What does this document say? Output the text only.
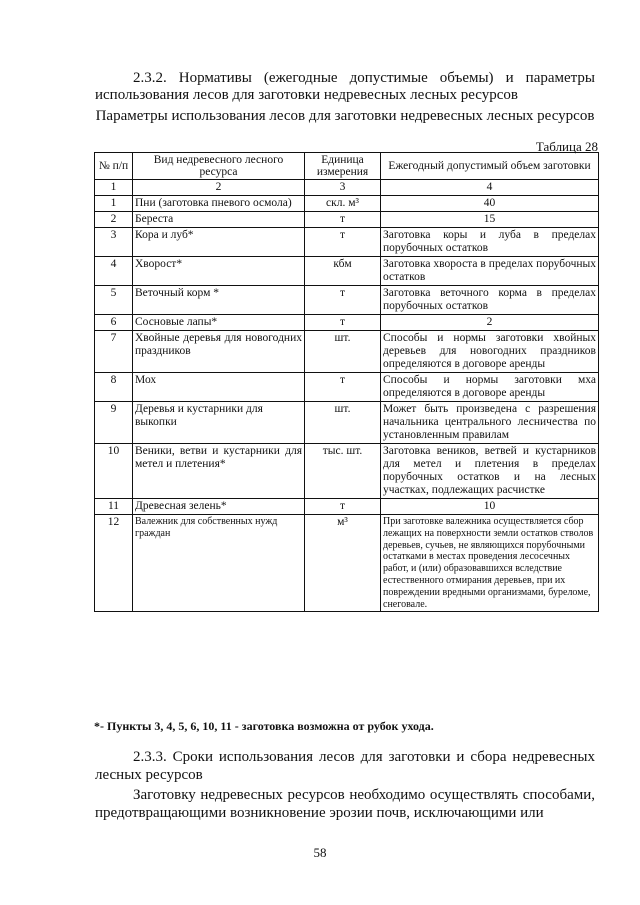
2.3.2. Нормативы (ежегодные допустимые объемы) и параметры использования лесов для заготовки недревесных лесных ресурсов
Параметры использования лесов для заготовки недревесных лесных ресурсов
Таблица 28
№ п/п	Вид недревесного лесного ресурса	Единица измерения	Ежегодный допустимый объем заготовки
1	2	3	4
1	Пни (заготовка пневого осмола)	скл. м³	40
2	Береста	т	15
3	Кора и луб*	т	Заготовка коры и луба в пределах порубочных остатков
4	Хворост*	кбм	Заготовка хвороста в пределах порубочных остатков
5	Веточный корм *	т	Заготовка веточного корма в пределах порубочных остатков
6	Сосновые лапы*	т	2
7	Хвойные деревья для новогодних праздников	шт.	Способы и нормы заготовки хвойных деревьев для новогодних праздников определяются в договоре аренды
8	Мох	т	Способы и нормы заготовки мха определяются в договоре аренды
9	Деревья и кустарники для выкопки	шт.	Может быть произведена с разрешения начальника центрального лесничества по установленным правилам
10	Веники, ветви и кустарники для метел и плетения*	тыс. шт.	Заготовка веников, ветвей и кустарников для метел и плетения в пределах порубочных остатков и на лесных участках, подлежащих расчистке
11	Древесная зелень*	т	10
12	Валежник для собственных нужд граждан	м³	При заготовке валежника осуществляется сбор лежащих на поверхности земли остатков стволов деревьев, сучьев, не являющихся порубочными остатками в местах проведения лесосечных работ, и (или) образовавшихся вследствие естественного отмирания деревьев, при их повреждении вредными организмами, буреломе, снеговале.
*- Пункты 3, 4, 5, 6, 10, 11 - заготовка возможна от рубок ухода.
2.3.3. Сроки использования лесов для заготовки и сбора недревесных лесных ресурсов
Заготовку недревесных ресурсов необходимо осуществлять способами, предотвращающими возникновение эрозии почв, исключающими или
58
